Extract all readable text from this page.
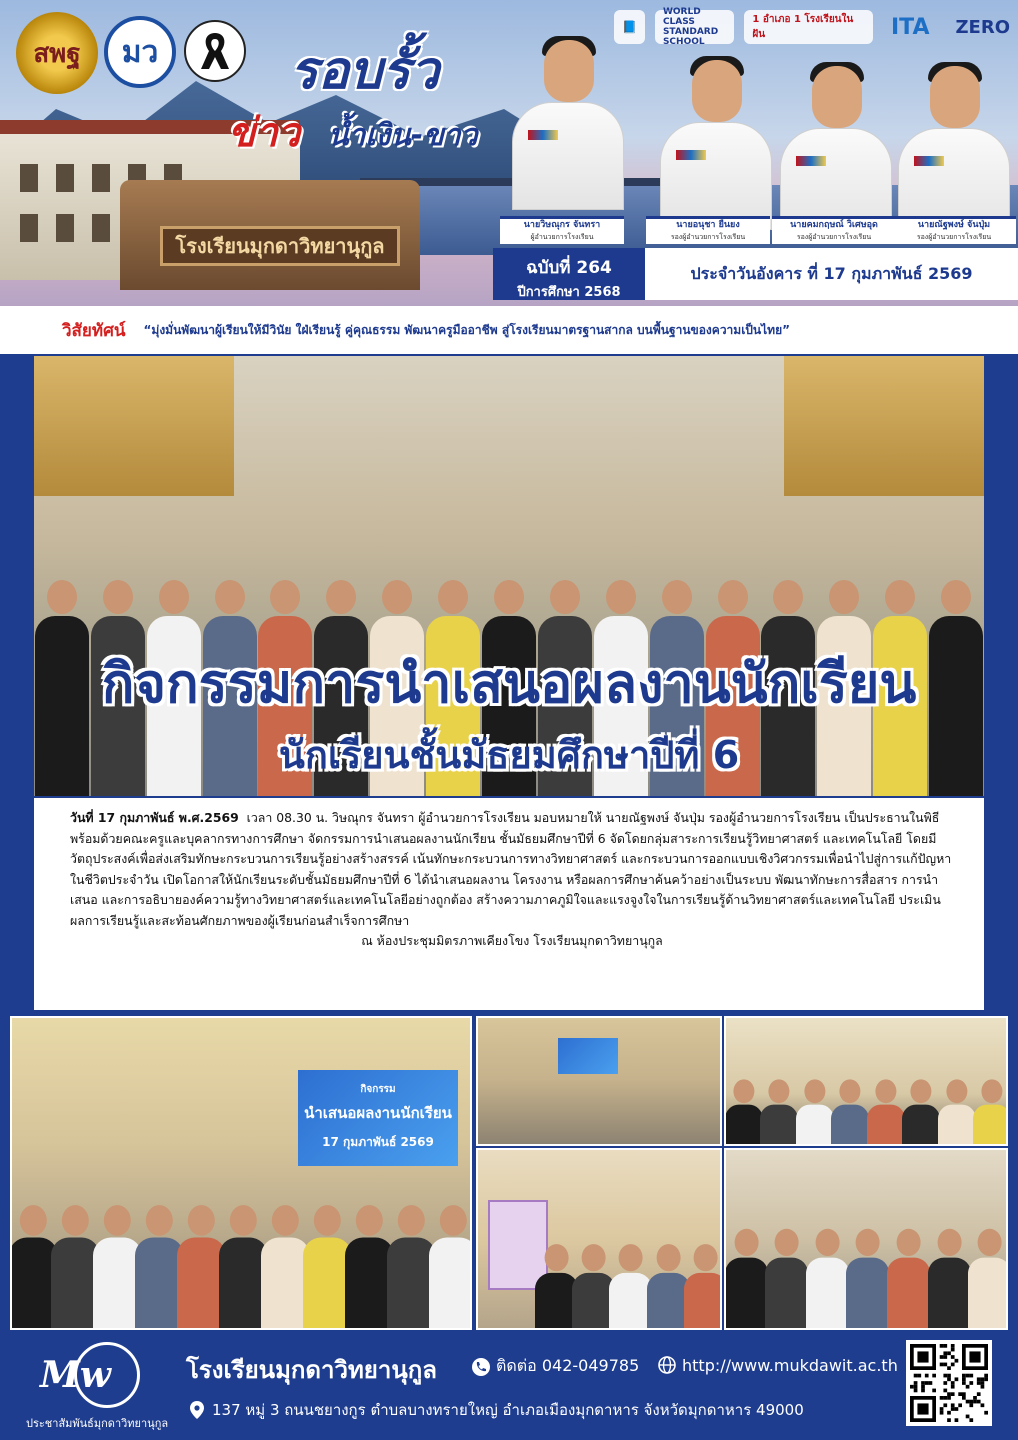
โรงเรียนมุกดาวิทยานุกูล
สพฐ มว	รอบรั้ว
ข่าว น้ำเงิน-ขาว
📘
WORLD CLASS STANDARD SCHOOL
1 อำเภอ 1 โรงเรียนในฝัน	ITA	ZERO
นายวิษณุกร จันทรา
ผู้อำนวยการโรงเรียน
นายอนุชา ยืนยง
รองผู้อำนวยการโรงเรียน
นายคมกฤษณ์ วิเศษอุด
รองผู้อำนวยการโรงเรียน
นายณัฐพงษ์ จันปุ่ม
รองผู้อำนวยการโรงเรียน
ฉบับที่ 264
ปีการศึกษา 2568
ประจำวันอังคาร ที่ 17 กุมภาพันธ์ 2569
วิสัยทัศน์ “มุ่งมั่นพัฒนาผู้เรียนให้มีวินัย ใฝ่เรียนรู้ คู่คุณธรรม พัฒนาครูมืออาชีพ สู่โรงเรียนมาตรฐานสากล บนพื้นฐานของความเป็นไทย”
กิจกรรมการนำเสนอผลงานนักเรียน
นักเรียนชั้นมัธยมศึกษาปีที่ 6

วันที่ 17 กุมภาพันธ์ พ.ศ.2569 เวลา 08.30 น. วิษณุกร จันทรา ผู้อำนวยการโรงเรียน มอบหมายให้ นายณัฐพงษ์ จันปุ่ม รองผู้อำนวยการโรงเรียน เป็นประธานในพิธี พร้อมด้วยคณะครูและบุคลากรทางการศึกษา จัดกรรมการนำเสนอผลงานนักเรียน ชั้นมัธยมศึกษาปีที่ 6 จัดโดยกลุ่มสาระการเรียนรู้วิทยาศาสตร์ และเทคโนโลยี โดยมีวัตถุประสงค์เพื่อส่งเสริมทักษะกระบวนการเรียนรู้อย่างสร้างสรรค์ เน้นทักษะกระบวนการทางวิทยาศาสตร์ และกระบวนการออกแบบเชิงวิศวกรรมเพื่อนำไปสู่การแก้ปัญหาในชีวิตประจำวัน เปิดโอกาสให้นักเรียนระดับชั้นมัธยมศึกษาปีที่ 6 ได้นำเสนอผลงาน โครงงาน หรือผลการศึกษาค้นคว้าอย่างเป็นระบบ พัฒนาทักษะการสื่อสาร การนำเสนอ และการอธิบายองค์ความรู้ทางวิทยาศาสตร์และเทคโนโลยีอย่างถูกต้อง สร้างความภาคภูมิใจและแรงจูงใจในการเรียนรู้ด้านวิทยาศาสตร์และเทคโนโลยี ประเมินผลการเรียนรู้และสะท้อนศักยภาพของผู้เรียนก่อนสำเร็จการศึกษา

ณ ห้องประชุมมิตรภาพเคียงโขง โรงเรียนมุกดาวิทยานุกูล

กิจกรรม
นำเสนอผลงานนักเรียน
17 กุมภาพันธ์ 2569
Mw
ประชาสัมพันธ์มุกดาวิทยานุกูล
โรงเรียนมุกดาวิทยานุกูล	ติดต่อ 042-049785	http://www.mukdawit.ac.th
137 หมู่ 3 ถนนชยางกูร ตำบลบางทรายใหญ่ อำเภอเมืองมุกดาหาร จังหวัดมุกดาหาร 49000
